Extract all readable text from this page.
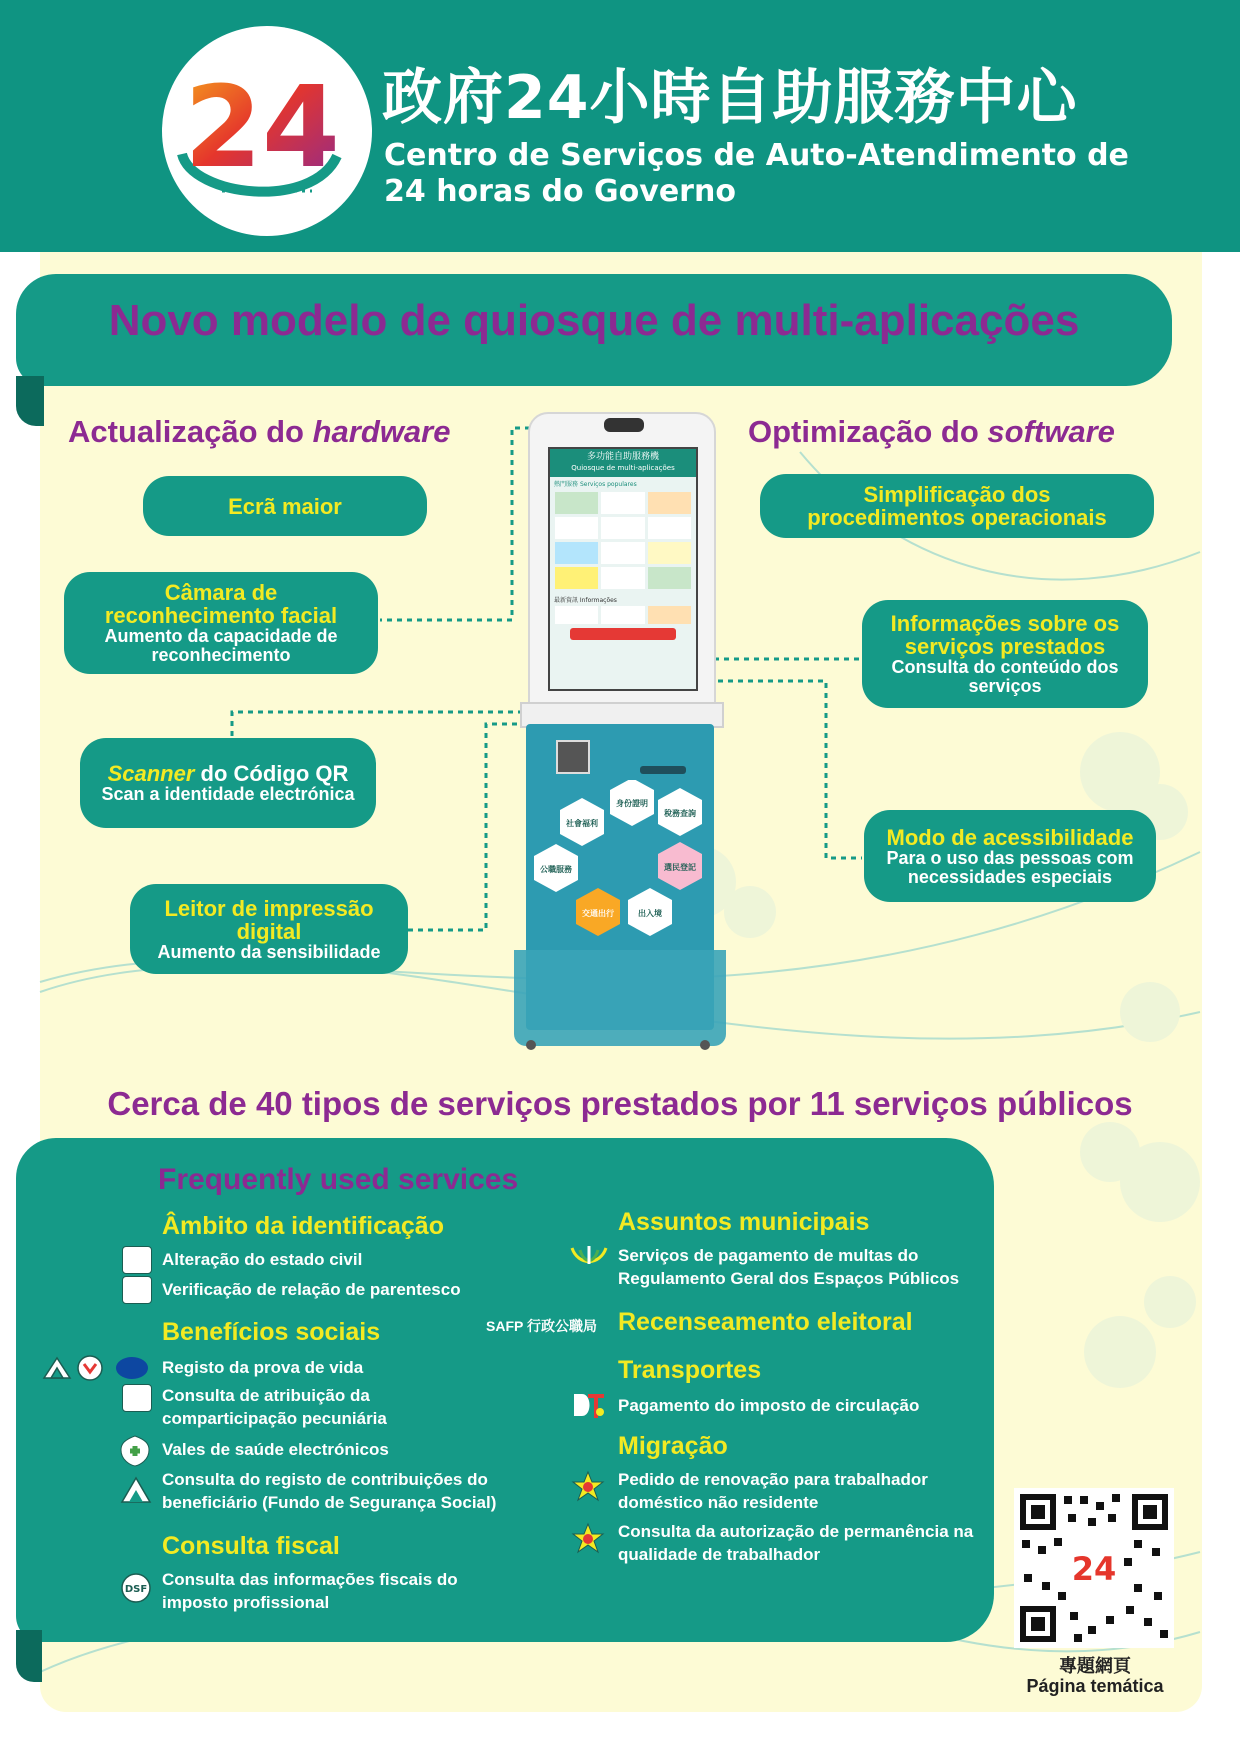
24 政府24小時自助服務中心
Centro de Serviços de Auto-Atendimento de
24 horas do Governo
Novo modelo de quiosque de multi-aplicações
Actualização do hardware	Optimização do software
Ecrã maior
Câmara de reconhecimento facial
Aumento da capacidade de reconhecimento
Scanner do Código QR
Scan a identidade electrónica
Leitor de impressão digital
Aumento da sensibilidade
Simplificação dos procedimentos operacionais
Informações sobre os serviços prestados
Consulta do conteúdo dos serviços
Modo de acessibilidade
Para o uso das pessoas com necessidades especiais
多功能自助服務機
Quiosque de multi-aplicações
熱門服務 Serviços populares
最新資訊 Informações
社會福利
身份證明
稅務查詢
公職服務	選民登記
交通出行	出入境
Cerca de 40 tipos de serviços prestados por 11 serviços públicos
Frequently used services
Âmbito da identificação
Alteração do estado civil
Verificação de relação de parentesco
Benefícios sociais
Registo da prova de vida
Consulta de atribuição da comparticipação pecuniária
Vales de saúde electrónicos
Consulta do registo de contribuições do beneficiário (Fundo de Segurança Social)
Consulta fiscal
DSF
Consulta das informações fiscais do imposto profissional
Assuntos municipais
Serviços de pagamento de multas do Regulamento Geral dos Espaços Públicos
SAFP 行政公職局 Recenseamento eleitoral
Transportes
Pagamento do imposto de circulação
Migração
Pedido de renovação para trabalhador doméstico não residente
Consulta da autorização de permanência na qualidade de trabalhador	24
專題網頁
Página temática
